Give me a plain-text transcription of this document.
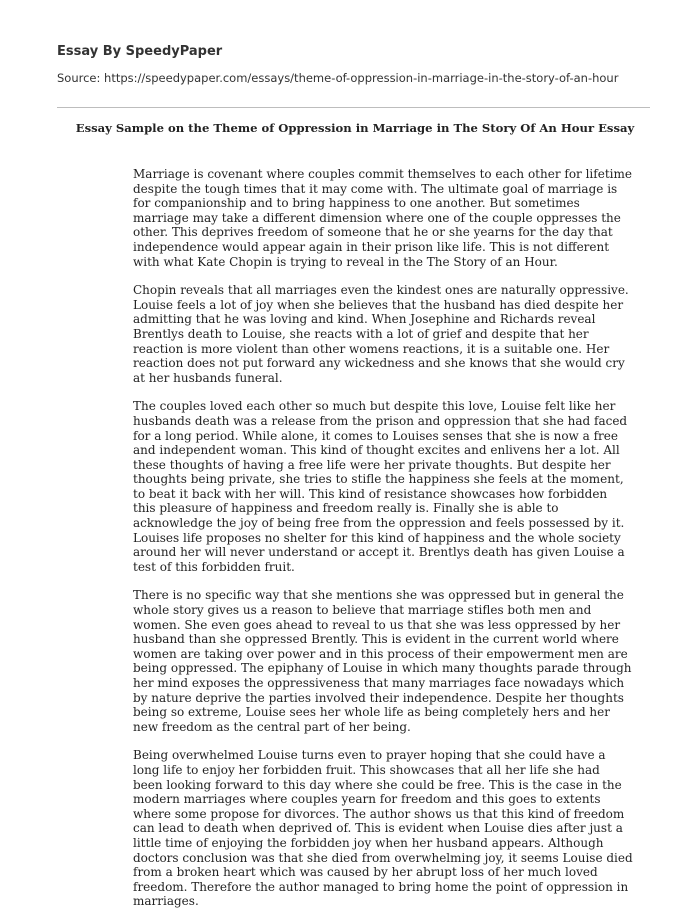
Essay By SpeedyPaper
Source: https://speedypaper.com/essays/theme-of-oppression-in-marriage-in-the-story-of-an-hour
Essay Sample on the Theme of Oppression in Marriage in The Story Of An Hour Essay

Marriage is covenant where couples commit themselves to each other for lifetime despite the tough times that it may come with. The ultimate goal of marriage is for companionship and to bring happiness to one another. But sometimes marriage may take a different dimension where one of the couple oppresses the other. This deprives freedom of someone that he or she yearns for the day that independence would appear again in their prison like life. This is not different with what Kate Chopin is trying to reveal in the The Story of an Hour.

Chopin reveals that all marriages even the kindest ones are naturally oppressive. Louise feels a lot of joy when she believes that the husband has died despite her admitting that he was loving and kind. When Josephine and Richards reveal Brentlys death to Louise, she reacts with a lot of grief and despite that her reaction is more violent than other womens reactions, it is a suitable one. Her reaction does not put forward any wickedness and she knows that she would cry at her husbands funeral.

The couples loved each other so much but despite this love, Louise felt like her husbands death was a release from the prison and oppression that she had faced for a long period. While alone, it comes to Louises senses that she is now a free and independent woman. This kind of thought excites and enlivens her a lot. All these thoughts of having a free life were her private thoughts. But despite her thoughts being private, she tries to stifle the happiness she feels at the moment, to beat it back with her will. This kind of resistance showcases how forbidden this pleasure of happiness and freedom really is. Finally she is able to acknowledge the joy of being free from the oppression and feels possessed by it. Louises life proposes no shelter for this kind of happiness and the whole society around her will never understand or accept it. Brentlys death has given Louise a test of this forbidden fruit.

There is no specific way that she mentions she was oppressed but in general the whole story gives us a reason to believe that marriage stifles both men and women. She even goes ahead to reveal to us that she was less oppressed by her husband than she oppressed Brently. This is evident in the current world where women are taking over power and in this process of their empowerment men are being oppressed. The epiphany of Louise in which many thoughts parade through her mind exposes the oppressiveness that many marriages face nowadays which by nature deprive the parties involved their independence. Despite her thoughts being so extreme, Louise sees her whole life as being completely hers and her new freedom as the central part of her being.

Being overwhelmed Louise turns even to prayer hoping that she could have a long life to enjoy her forbidden fruit. This showcases that all her life she had been looking forward to this day where she could be free. This is the case in the modern marriages where couples yearn for freedom and this goes to extents where some propose for divorces. The author shows us that this kind of freedom can lead to death when deprived of. This is evident when Louise dies after just a little time of enjoying the forbidden joy when her husband appears. Although doctors conclusion was that she died from overwhelming joy, it seems Louise died from a broken heart which was caused by her abrupt loss of her much loved freedom. Therefore the author managed to bring home the point of oppression in marriages.
